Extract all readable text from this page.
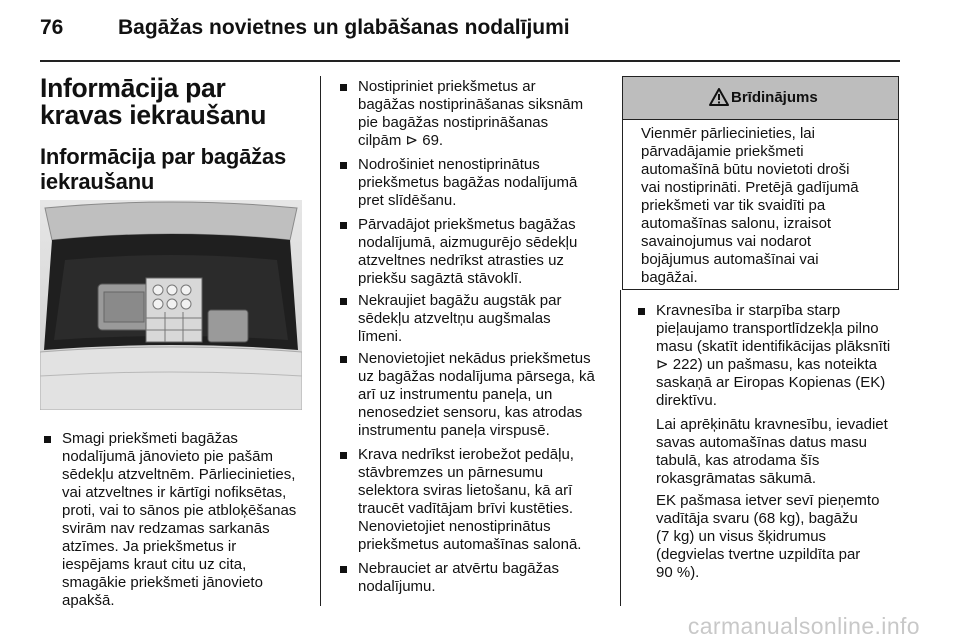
76	Bagāžas novietnes un glabāšanas nodalījumi
Informācija par kravas iekraušanu
Informācija par bagāžas iekraušanu
Smagi priekšmeti bagāžas
nodalījumā jānovieto pie pašām
sēdekļu atzveltnēm. Pārliecinieties,
vai atzveltnes ir kārtīgi nofiksētas,
proti, vai to sānos pie atbloķēšanas
svirām nav redzamas sarkanās
atzīmes. Ja priekšmetus ir
iespējams kraut citu uz cita,
smagākie priekšmeti jānovieto
apakšā.
Nostipriniet priekšmetus ar
bagāžas nostiprināšanas siksnām
pie bagāžas nostiprināšanas
cilpām ⊳ 69.
Nodrošiniet nenostiprinātus
priekšmetus bagāžas nodalījumā
pret slīdēšanu.
Pārvadājot priekšmetus bagāžas
nodalījumā, aizmugurējo sēdekļu
atzveltnes nedrīkst atrasties uz
priekšu sagāztā stāvoklī.
Nekraujiet bagāžu augstāk par
sēdekļu atzveltņu augšmalas
līmeni.
Nenovietojiet nekādus priekšmetus
uz bagāžas nodalījuma pārsega, kā
arī uz instrumentu paneļa, un
nenosedziet sensoru, kas atrodas
instrumentu paneļa virspusē.
Krava nedrīkst ierobežot pedāļu,
stāvbremzes un pārnesumu
selektora sviras lietošanu, kā arī
traucēt vadītājam brīvi kustēties.
Nenovietojiet nenostiprinātus
priekšmetus automašīnas salonā.
Nebrauciet ar atvērtu bagāžas
nodalījumu.
Brīdinājums
Vienmēr pārliecinieties, lai
pārvadājamie priekšmeti
automašīnā būtu novietoti droši
vai nostiprināti. Pretējā gadījumā
priekšmeti var tik svaidīti pa
automašīnas salonu, izraisot
savainojumus vai nodarot
bojājumus automašīnai vai
bagāžai.
Kravnesība ir starpība starp
pieļaujamo transportlīdzekļa pilno
masu (skatīt identifikācijas plāksnīti
⊳ 222) un pašmasu, kas noteikta
saskaņā ar Eiropas Kopienas (EK)
direktīvu.
Lai aprēķinātu kravnesību, ievadiet
savas automašīnas datus masu
tabulā, kas atrodama šīs
rokasgrāmatas sākumā.
EK pašmasa ietver sevī pieņemto
vadītāja svaru (68 kg), bagāžu
(7 kg) un visus šķidrumus
(degvielas tvertne uzpildīta par
90 %).
carmanualsonline.info
